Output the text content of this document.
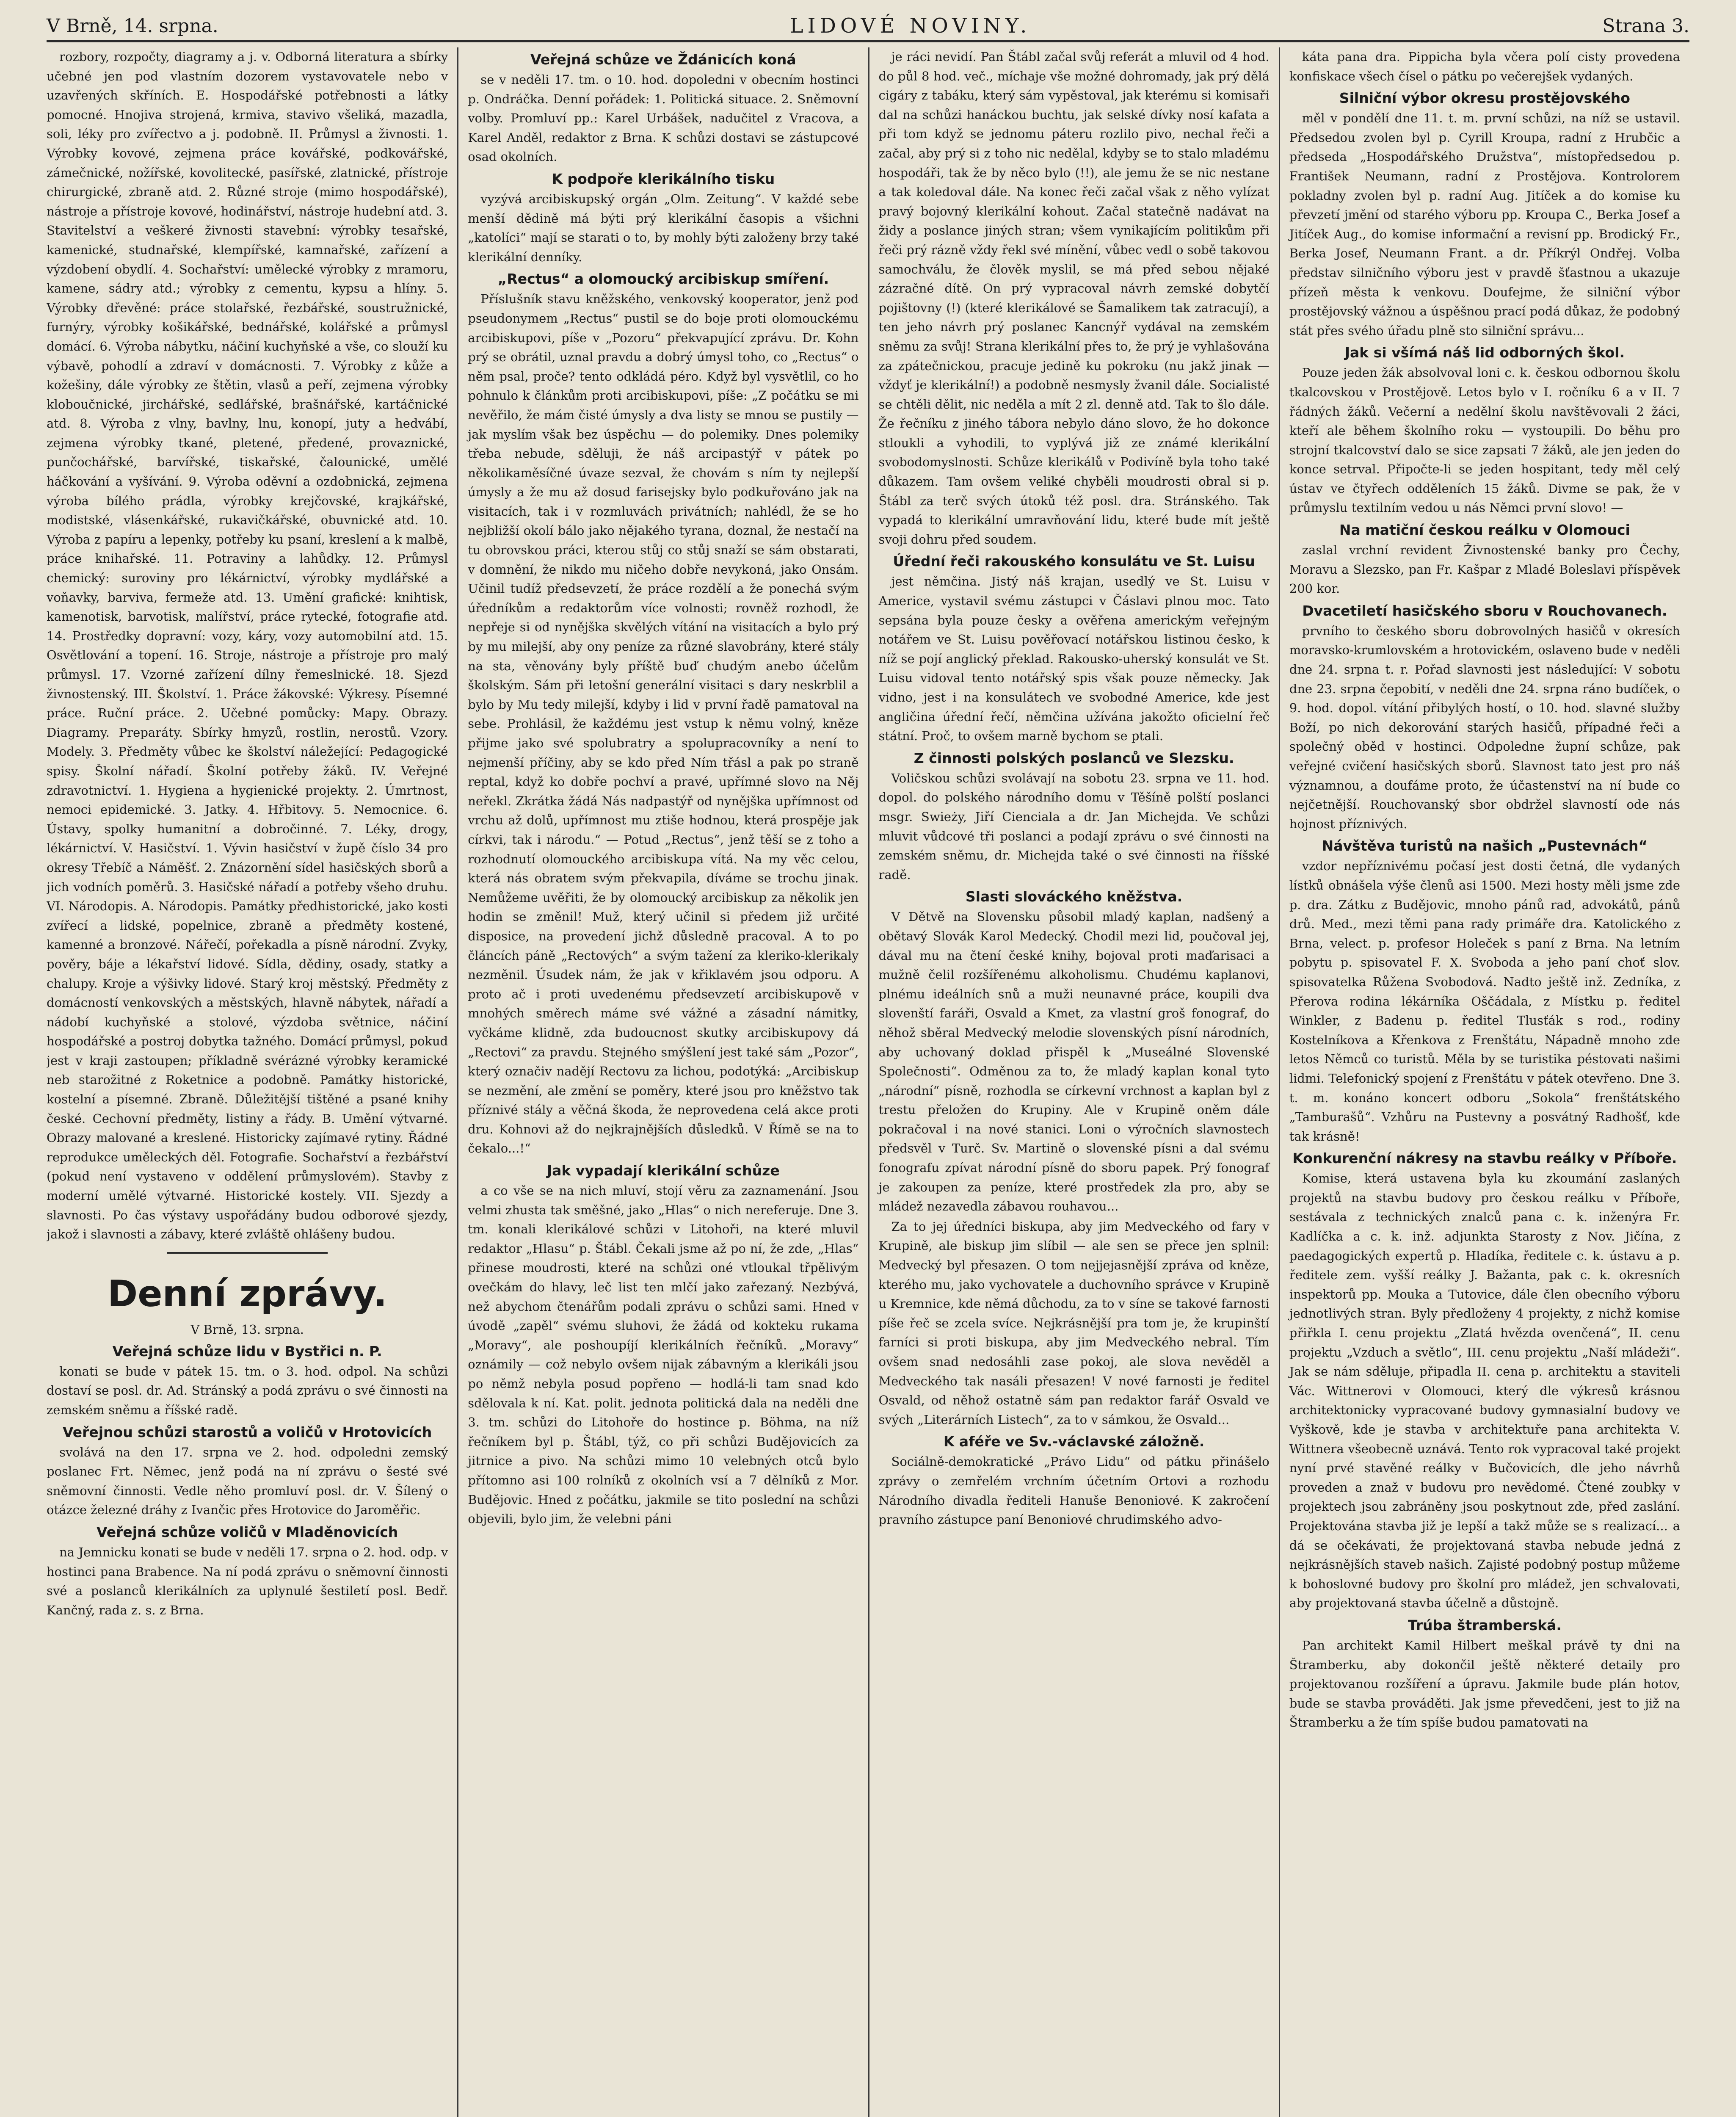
V Brně, 14. srpna.	LIDOVÉ NOVINY.	Strana 3.

rozbory, rozpočty, diagramy a j. v. Odborná literatura a sbírky učebné jen pod vlastním dozorem vystavovatele nebo v uzavřených skříních. E. Hospodářské potřebnosti a látky pomocné. Hnojiva strojená, krmiva, stavivo všeliká, mazadla, soli, léky pro zvířectvo a j. podobně. II. Průmysl a živnosti. 1. Výrobky kovové, zejmena práce kovářské, podkovářské, zámečnické, nožířské, kovolitecké, pasířské, zlatnické, přístroje chirurgické, zbraně atd. 2. Různé stroje (mimo hospodářské), nástroje a přístroje kovové, hodinářství, nástroje hudební atd. 3. Stavitelství a veškeré živnosti stavební: výrobky tesařské, kamenické, studnařské, klempířské, kamnařské, zařízení a výzdobení obydlí. 4. Sochařství: umělecké výrobky z mramoru, kamene, sádry atd.; výrobky z cementu, kypsu a hlíny. 5. Výrobky dřevěné: práce stolařské, řezbářské, soustružnické, furnýry, výrobky košikářské, bednářské, kolářské a průmysl domácí. 6. Výroba nábytku, náčiní kuchyňské a vše, co slouží ku výbavě, pohodlí a zdraví v domácnosti. 7. Výrobky z kůže a kožešiny, dále výrobky ze štětin, vlasů a peří, zejmena výrobky kloboučnické, jirchářské, sedlářské, brašnářské, kartáčnické atd. 8. Výroba z vlny, bavlny, lnu, konopí, juty a hedvábí, zejmena výrobky tkané, pletené, předené, provaznické, punčochářské, barvířské, tiskařské, čalounické, umělé háčkování a vyšívání. 9. Výroba oděvní a ozdobnická, zejmena výroba bílého prádla, výrobky krejčovské, krajkářské, modistské, vlásenkářské, rukavičkářské, obuvnické atd. 10. Výroba z papíru a lepenky, potřeby ku psaní, kreslení a k malbě, práce knihařské. 11. Potraviny a lahůdky. 12. Průmysl chemický: suroviny pro lékárnictví, výrobky mydlářské a voňavky, barviva, fermeže atd. 13. Umění grafické: knihtisk, kamenotisk, barvotisk, malířství, práce rytecké, fotografie atd. 14. Prostředky dopravní: vozy, káry, vozy automobilní atd. 15. Osvětlování a topení. 16. Stroje, nástroje a přístroje pro malý průmysl. 17. Vzorné zařízení dílny řemeslnické. 18. Sjezd živnostenský. III. Školství. 1. Práce žákovské: Výkresy. Písemné práce. Ruční práce. 2. Učebné pomůcky: Mapy. Obrazy. Diagramy. Preparáty. Sbírky hmyzů, rostlin, nerostů. Vzory. Modely. 3. Předměty vůbec ke školství náležející: Pedagogické spisy. Školní nářadí. Školní potřeby žáků. IV. Veřejné zdravotnictví. 1. Hygiena a hygienické projekty. 2. Úmrtnost, nemoci epidemické. 3. Jatky. 4. Hřbitovy. 5. Nemocnice. 6. Ústavy, spolky humanitní a dobročinné. 7. Léky, drogy, lékárnictví. V. Hasičství. 1. Vývin hasičství v župě číslo 34 pro okresy Třebíč a Náměšť. 2. Znázornění sídel hasičských sborů a jich vodních poměrů. 3. Hasičské nářadí a potřeby všeho druhu. VI. Národopis. A. Národopis. Památky předhistorické, jako kosti zvířecí a lidské, popelnice, zbraně a předměty kostené, kamenné a bronzové. Nářečí, pořekadla a písně národní. Zvyky, pověry, báje a lékařství lidové. Sídla, dědiny, osady, statky a chalupy. Kroje a výšivky lidové. Starý kroj městský. Předměty z domácností venkovských a městských, hlavně nábytek, nářadí a nádobí kuchyňské a stolové, výzdoba světnice, náčiní hospodářské a postroj dobytka tažného. Domácí průmysl, pokud jest v kraji zastoupen; příkladně svérázné výrobky keramické neb starožitné z Roketnice a podobně. Památky historické, kostelní a písemné. Zbraně. Důležitější tištěné a psané knihy české. Cechovní předměty, listiny a řády. B. Umění výtvarné. Obrazy malované a kreslené. Historicky zajímavé rytiny. Řádné reprodukce uměleckých děl. Fotografie. Sochařství a řezbářství (pokud není vystaveno v oddělení průmyslovém). Stavby z moderní umělé výtvarné. Historické kostely. VII. Sjezdy a slavnosti. Po čas výstavy uspořádány budou odborové sjezdy, jakož i slavnosti a zábavy, které zvláště ohlášeny budou.

Denní zprávy.
V Brně, 13. srpna.
Veřejná schůze lidu v Bystřici n. P.

konati se bude v pátek 15. tm. o 3. hod. odpol. Na schůzi dostaví se posl. dr. Ad. Stránský a podá zprávu o své činnosti na zemském sněmu a říšské radě.

Veřejnou schůzi starostů a voličů v Hrotovicích

svolává na den 17. srpna ve 2. hod. odpoledni zemský poslanec Frt. Němec, jenž podá na ní zprávu o šesté své sněmovní činnosti. Vedle něho promluví posl. dr. V. Šílený o otázce železné dráhy z Ivančic přes Hrotovice do Jaroměřic.

Veřejná schůze voličů v Mladěnovicích

na Jemnicku konati se bude v neděli 17. srpna o 2. hod. odp. v hostinci pana Brabence. Na ní podá zprávu o sněmovní činnosti své a poslanců klerikálních za uplynulé šestiletí posl. Bedř. Kančný, rada z. s. z Brna.

Veřejná schůze ve Ždánicích koná

se v neděli 17. tm. o 10. hod. dopoledni v obecním hostinci p. Ondráčka. Denní pořádek: 1. Politická situace. 2. Sněmovní volby. Promluví pp.: Karel Urbášek, nadučitel z Vracova, a Karel Anděl, redaktor z Brna. K schůzi dostavi se zástupcové osad okolních.

K podpoře klerikálního tisku

vyzývá arcibiskupský orgán „Olm. Zeitung“. V každé sebe menší dědině má býti prý klerikální časopis a všichni „katolíci“ mají se starati o to, by mohly býti založeny brzy také klerikální denníky.

„Rectus“ a olomoucký arcibiskup smíření.

Příslušník stavu kněžského, venkovský kooperator, jenž pod pseudonymem „Rectus“ pustil se do boje proti olomouckému arcibiskupovi, píše v „Pozoru“ překvapující zprávu. Dr. Kohn prý se obrátil, uznal pravdu a dobrý úmysl toho, co „Rectus“ o něm psal, proče? tento odkládá péro. Když byl vysvětlil, co ho pohnulo k článkům proti arcibiskupovi, píše: „Z počátku se mi nevěřilo, že mám čisté úmysly a dva listy se mnou se pustily — jak myslím však bez úspěchu — do polemiky. Dnes polemiky třeba nebude, sděluji, že náš arcipastýř v pátek po několikaměsíčné úvaze sezval, že chovám s ním ty nejlepší úmysly a že mu až dosud farisejsky bylo podkuřováno jak na visitacích, tak i v rozmluvách privátních; nahlédl, že se ho nejbližší okolí bálo jako nějakého tyrana, doznal, že nestačí na tu obrovskou práci, kterou stůj co stůj snaží se sám obstarati, v domnění, že nikdo mu ničeho dobře nevykoná, jako Onsám. Učinil tudíž předsevzetí, že práce rozdělí a že ponechá svým úředníkům a redaktorům více volnosti; rovněž rozhodl, že nepřeje si od nynějška skvělých vítání na visitacích a bylo prý by mu milejší, aby ony peníze za různé slavobrány, které stály na sta, věnovány byly příště buď chudým anebo účelům školským. Sám při letošní generální visitaci s dary neskrblil a bylo by Mu tedy milejší, kdyby i lid v první řadě pamatoval na sebe. Prohlásil, že každému jest vstup k němu volný, kněze přijme jako své spolubratry a spolupracovníky a není to nejmenší příčiny, aby se kdo před Ním třásl a pak po straně reptal, když ko dobře pochví a pravé, upřímné slovo na Něj neřekl. Zkrátka žádá Nás nadpastýř od nynějška upřímnost od vrchu až dolů, upřímnost mu ztiše hodnou, která prospěje jak církvi, tak i národu.“ — Potud „Rectus“, jenž těší se z toho a rozhodnutí olomouckého arcibiskupa vítá. Na my věc celou, která nás obratem svým překvapila, díváme se trochu jinak. Nemůžeme uvěřiti, že by olomoucký arcibiskup za několik jen hodin se změnil! Muž, který učinil si předem již určité disposice, na provedení jichž důsledně pracoval. A to po článcích páně „Rectových“ a svým tažení za kleriko-klerikaly nezměnil. Úsudek nám, že jak v křiklavém jsou odporu. A proto ač i proti uvedenému předsevzetí arcibiskupově v mnohých směrech máme své vážné a zásadní námitky, vyčkáme klidně, zda budoucnost skutky arcibiskupovy dá „Rectovi“ za pravdu. Stejného smýšlení jest také sám „Pozor“, který označiv nadějí Rectovu za lichou, podotýká: „Arcibiskup se nezmění, ale změní se poměry, které jsou pro kněžstvo tak příznivé stály a věčná škoda, že neprovedena celá akce proti dru. Kohnovi až do nejkrajnějších důsledků. V Římě se na to čekalo...!“

Jak vypadají klerikální schůze

a co vše se na nich mluví, stojí věru za zaznamenání. Jsou velmi zhusta tak směšné, jako „Hlas“ o nich nereferuje. Dne 3. tm. konali klerikálové schůzi v Litohoři, na které mluvil redaktor „Hlasu“ p. Štábl. Čekali jsme až po ní, že zde, „Hlas“ přinese moudrosti, které na schůzi oné vtloukal třpělivým ovečkám do hlavy, leč list ten mlčí jako zařezaný. Nezbývá, než abychom čtenářům podali zprávu o schůzi sami. Hned v úvodě „zapěl“ svému sluhovi, že žádá od kokteku rukama „Moravy“, ale poshoupíjí klerikálních řečníků. „Moravy“ oznámily — což nebylo ovšem nijak zábavným a klerikáli jsou po němž nebyla posud popřeno — hodlá-li tam snad kdo sdělovala k ní. Kat. polit. jednota politická dala na neděli dne 3. tm. schůzi do Litohoře do hostince p. Böhma, na níž řečníkem byl p. Štábl, týž, co při schůzi Budějovicích za jitrnice a pivo. Na schůzi mimo 10 velebných otců bylo přítomno asi 100 rolníků z okolních vsí a 7 dělníků z Mor. Budějovic. Hned z počátku, jakmile se tito poslední na schůzi objevili, bylo jim, že velebni páni

je ráci nevidí. Pan Štábl začal svůj referát a mluvil od 4 hod. do půl 8 hod. več., míchaje vše možné dohromady, jak prý dělá cigáry z tabáku, který sám vypěstoval, jak kterému si komisaři dal na schůzi hanáckou buchtu, jak selské dívky nosí kafata a při tom když se jednomu páteru rozlilo pivo, nechal řeči a začal, aby prý si z toho nic nedělal, kdyby se to stalo mladému hospodáři, tak že by něco bylo (!!), ale jemu že se nic nestane a tak koledoval dále. Na konec řeči začal však z něho vylízat pravý bojovný klerikální kohout. Začal statečně nadávat na židy a poslance jiných stran; všem vynikajícím politikům při řeči prý rázně vždy řekl své mínění, vůbec vedl o sobě takovou samochválu, že člověk myslil, se má před sebou nějaké zázračné dítě. On prý vypracoval návrh zemské dobytčí pojištovny (!) (které klerikálové se Šamalikem tak zatracují), a ten jeho návrh prý poslanec Kancnýř vydával na zemském sněmu za svůj! Strana klerikální přes to, že prý je vyhlašována za zpátečnickou, pracuje jedině ku pokroku (nu jakž jinak — vždyť je klerikální!) a podobně nesmysly žvanil dále. Socialisté se chtěli dělit, nic neděla a mít 2 zl. denně atd. Tak to šlo dále. Že řečníku z jiného tábora nebylo dáno slovo, že ho dokonce stloukli a vyhodili, to vyplývá již ze známé klerikální svobodomyslnosti. Schůze klerikálů v Podivíně byla toho také důkazem. Tam ovšem veliké chyběli moudrosti obral si p. Štábl za terč svých útoků též posl. dra. Stránského. Tak vypadá to klerikální umravňování lidu, které bude mít ještě svoji dohru před soudem.

Úřední řeči rakouského konsulátu ve St. Luisu

jest němčina. Jistý náš krajan, usedlý ve St. Luisu v Americe, vystavil svému zástupci v Čáslavi plnou moc. Tato sepsána byla pouze česky a ověřena americkým veřejným notářem ve St. Luisu pověřovací notářskou listinou česko, k níž se pojí anglický překlad. Rakousko-uherský konsulát ve St. Luisu vidoval tento notářský spis však pouze německy. Jak vidno, jest i na konsulátech ve svobodné Americe, kde jest angličina úřední řečí, němčina užívána jakožto oficielní řeč státní. Proč, to ovšem marně bychom se ptali.

Z činnosti polských poslanců ve Slezsku.

Voličskou schůzi svolávají na sobotu 23. srpna ve 11. hod. dopol. do polského národního domu v Těšíně polští poslanci msgr. Swieży, Jiří Cienciala a dr. Jan Michejda. Ve schůzi mluvit vůdcové tři poslanci a podají zprávu o své činnosti na zemském sněmu, dr. Michejda také o své činnosti na říšské radě.

Slasti slováckého kněžstva.

V Dětvě na Slovensku působil mladý kaplan, nadšený a obětavý Slovák Karol Medecký. Chodil mezi lid, poučoval jej, dával mu na čtení české knihy, bojoval proti maďarisaci a mužně čelil rozšířenému alkoholismu. Chudému kaplanovi, plnému ideálních snů a muži neunavné práce, koupili dva slovenští faráři, Osvald a Kmet, za vlastní groš fonograf, do něhož sběral Medvecký melodie slovenských písní národních, aby uchovaný doklad přispěl k „Museálné Slovenské Společnosti“. Odměnou za to, že mladý kaplan konal tyto „národní“ písně, rozhodla se církevní vrchnost a kaplan byl z trestu přeložen do Krupiny. Ale v Krupině oněm dále pokračoval i na nové stanici. Loni o výročních slavnostech předsvěl v Turč. Sv. Martině o slovenské písni a dal svému fonografu zpívat národní písně do sboru papek. Prý fonograf je zakoupen za peníze, které prostředek zla pro, aby se mládež nezavedla zábavou rouhavou...

Za to jej úředníci biskupa, aby jim Medveckého od fary v Krupině, ale biskup jim slíbil — ale sen se přece jen splnil: Medvecký byl přesazen. O tom nejjejasnější zpráva od kněze, kterého mu, jako vychovatele a duchovního správce v Krupině u Kremnice, kde němá důchodu, za to v síne se takové farnosti píše řeč se zcela svíce. Nejkrásnější pra tom je, že krupinští farníci si proti biskupa, aby jim Medveckého nebral. Tím ovšem snad nedosáhli zase pokoj, ale slova nevěděl a Medveckého tak nasáli přesazen! V nové farnosti je ředitel Osvald, od něhož ostatně sám pan redaktor farář Osvald ve svých „Literárních Listech“, za to v sámkou, že Osvald...

K aféře ve Sv.-václavské záložně.

Sociálně-demokratické „Právo Lidu“ od pátku přinášelo zprávy o zemřelém vrchním účetním Ortovi a rozhodu Národního divadla řediteli Hanuše Benoniové. K zakročení pravního zástupce paní Benoniové chrudimského advo-

káta pana dra. Pippicha byla včera polí cisty provedena konfiskace všech čísel o pátku po večerejšek vydaných.

Silniční výbor okresu prostějovského

měl v pondělí dne 11. t. m. první schůzi, na níž se ustavil. Předsedou zvolen byl p. Cyrill Kroupa, radní z Hrubčic a předseda „Hospodářského Družstva“, místopředsedou p. František Neumann, radní z Prostějova. Kontrolorem pokladny zvolen byl p. radní Aug. Jitíček a do komise ku převzetí jmění od starého výboru pp. Kroupa C., Berka Josef a Jitíček Aug., do komise informační a revisní pp. Brodický Fr., Berka Josef, Neumann Frant. a dr. Příkrýl Ondřej. Volba představ silničního výboru jest v pravdě šťastnou a ukazuje přízeň města k venkovu. Doufejme, že silniční výbor prostějovský vážnou a úspěšnou prací podá důkaz, že podobný stát přes svého úřadu plně sto silniční správu...

Jak si všímá náš lid odborných škol.

Pouze jeden žák absolvoval loni c. k. českou odbornou školu tkalcovskou v Prostějově. Letos bylo v I. ročníku 6 a v II. 7 řádných žáků. Večerní a nedělní školu navštěvovali 2 žáci, kteří ale během školního roku — vystoupili. Do běhu pro strojní tkalcovství dalo se sice zapsati 7 žáků, ale jen jeden do konce setrval. Připočte-li se jeden hospitant, tedy měl celý ústav ve čtyřech odděleních 15 žáků. Divme se pak, že v průmyslu textilním vedou u nás Němci první slovo! —

Na matiční českou reálku v Olomouci

zaslal vrchní revident Živnostenské banky pro Čechy, Moravu a Slezsko, pan Fr. Kašpar z Mladé Boleslavi příspěvek 200 kor.

Dvacetiletí hasičského sboru v Rouchovanech.

prvního to českého sboru dobrovolných hasičů v okresích moravsko-krumlovském a hrotovickém, oslaveno bude v neděli dne 24. srpna t. r. Pořad slavnosti jest následující: V sobotu dne 23. srpna čepobití, v neděli dne 24. srpna ráno budíček, o 9. hod. dopol. vítání přibylých hostí, o 10. hod. slavné služby Boží, po nich dekorování starých hasičů, případné řeči a společný oběd v hostinci. Odpoledne župní schůze, pak veřejné cvičení hasičských sborů. Slavnost tato jest pro náš významnou, a doufáme proto, že účastenství na ní bude co nejčetnější. Rouchovanský sbor obdržel slavností ode nás hojnost příznivých.

Návštěva turistů na našich „Pustevnách“

vzdor nepříznivému počasí jest dosti četná, dle vydaných lístků obnášela výše členů asi 1500. Mezi hosty měli jsme zde p. dra. Zátku z Budějovic, mnoho pánů rad, advokátů, pánů drů. Med., mezi těmi pana rady primáře dra. Katolického z Brna, velect. p. profesor Holeček s paní z Brna. Na letním pobytu p. spisovatel F. X. Svoboda a jeho paní choť slov. spisovatelka Růžena Svobodová. Nadto ještě inž. Zedníka, z Přerova rodina lékárníka Oščádala, z Místku p. ředitel Winkler, z Badenu p. ředitel Tlusťák s rod., rodiny Kostelníkova a Křenkova z Frenštátu, Nápadně mnoho zde letos Němců co turistů. Měla by se turistika péstovati našimi lidmi. Telefonický spojení z Frenštátu v pátek otevřeno. Dne 3. t. m. konáno koncert odboru „Sokola“ frenštátského „Tamburašů“. Vzhůru na Pustevny a posvátný Radhošť, kde tak krásně!

Konkurenční nákresy na stavbu reálky v Příboře.

Komise, která ustavena byla ku zkoumání zaslaných projektů na stavbu budovy pro českou reálku v Příboře, sestávala z technických znalců pana c. k. inženýra Fr. Kadlíčka a c. k. inž. adjunkta Starosty z Nov. Jičína, z paedagogických expertů p. Hladíka, ředitele c. k. ústavu a p. ředitele zem. vyšší reálky J. Bažanta, pak c. k. okresních inspektorů pp. Mouka a Tutovice, dále člen obecního výboru jednotlivých stran. Byly předloženy 4 projekty, z nichž komise přiřkla I. cenu projektu „Zlatá hvězda ovenčená“, II. cenu projektu „Vzduch a světlo“, III. cenu projektu „Naší mládeži“. Jak se nám sděluje, připadla II. cena p. architektu a staviteli Vác. Wittnerovi v Olomouci, který dle výkresů krásnou architektonicky vypracované budovy gymnasialní budovy ve Vyškově, kde je stavba v architektuře pana architekta V. Wittnera všeobecně uznává. Tento rok vypracoval také projekt nyní prvé stavěné reálky v Bučovicích, dle jeho návrhů proveden a znaž v budovu pro nevědomé. Čtené zoubky v projektech jsou zabráněny jsou poskytnout zde, před zaslání. Projektována stavba již je lepší a takž může se s realizací... a dá se očekávati, že projektovaná stavba nebude jedná z nejkrásnějších staveb našich. Zajisté podobný postup můžeme k bohoslovné budovy pro školní pro mládež, jen schvalovati, aby projektovaná stavba účelně a důstojně.

Trúba štramberská.

Pan architekt Kamil Hilbert meškal právě ty dni na Štramberku, aby dokončil ještě některé detaily pro projektovanou rozšíření a úpravu. Jakmile bude plán hotov, bude se stavba prováděti. Jak jsme převedčeni, jest to již na Štramberku a že tím spíše budou pamatovati na
